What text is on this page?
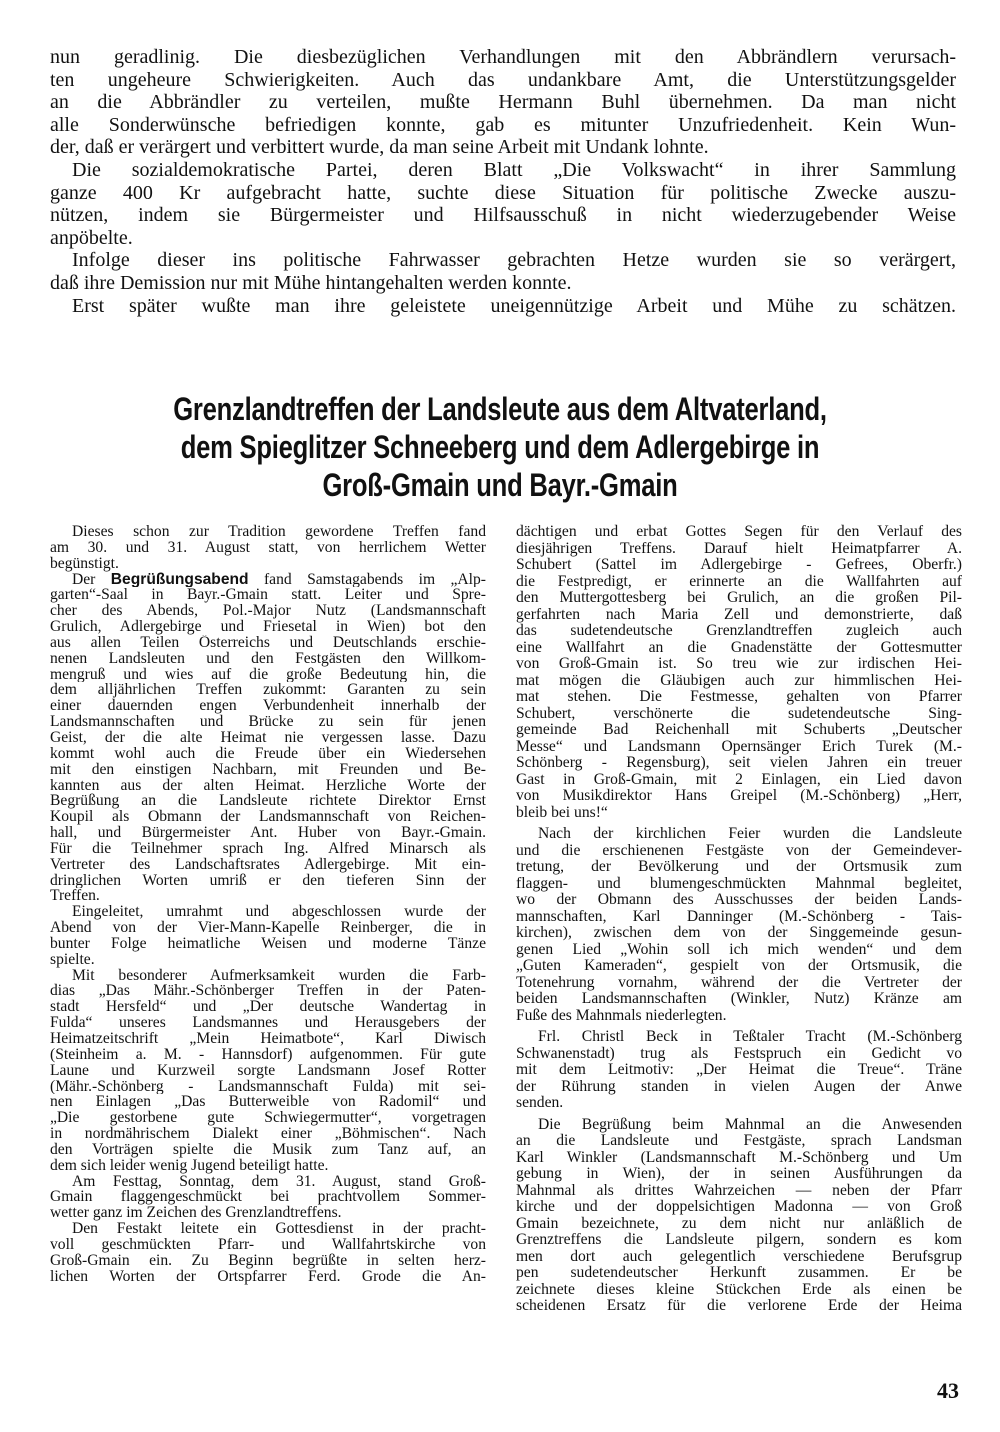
nun geradlinig. Die diesbezüglichen Verhandlungen mit den Abbrändlern verursach-
ten ungeheure Schwierigkeiten. Auch das undankbare Amt, die Unterstützungsgelder
an die Abbrändler zu verteilen, mußte Hermann Buhl übernehmen. Da man nicht
alle Sonderwünsche befriedigen konnte, gab es mitunter Unzufriedenheit. Kein Wun-
der, daß er verärgert und verbittert wurde, da man seine Arbeit mit Undank lohnte.
Die sozialdemokratische Partei, deren Blatt „Die Volkswacht“ in ihrer Sammlung
ganze 400 Kr aufgebracht hatte, suchte diese Situation für politische Zwecke auszu-
nützen, indem sie Bürgermeister und Hilfsausschuß in nicht wiederzugebender Weise
anpöbelte.
Infolge dieser ins politische Fahrwasser gebrachten Hetze wurden sie so verärgert,
daß ihre Demission nur mit Mühe hintangehalten werden konnte.
Erst später wußte man ihre geleistete uneigennützige Arbeit und Mühe zu schätzen.
Grenzlandtreffen der Landsleute aus dem Altvaterland,
dem Spieglitzer Schneeberg und dem Adlergebirge in
Groß-Gmain und Bayr.-Gmain
Dieses schon zur Tradition gewordene Treffen fand
am 30. und 31. August statt, von herrlichem Wetter
begünstigt.
Der Begrüßungsabend fand Samstagabends im „Alp-
garten“-Saal in Bayr.-Gmain statt. Leiter und Spre-
cher des Abends, Pol.-Major Nutz (Landsmannschaft
Grulich, Adlergebirge und Friesetal in Wien) bot den
aus allen Teilen Österreichs und Deutschlands erschie-
nenen Landsleuten und den Festgästen den Willkom-
mengruß und wies auf die große Bedeutung hin, die
dem alljährlichen Treffen zukommt: Garanten zu sein
einer dauernden engen Verbundenheit innerhalb der
Landsmannschaften und Brücke zu sein für jenen
Geist, der die alte Heimat nie vergessen lasse. Dazu
kommt wohl auch die Freude über ein Wiedersehen
mit den einstigen Nachbarn, mit Freunden und Be-
kannten aus der alten Heimat. Herzliche Worte der
Begrüßung an die Landsleute richtete Direktor Ernst
Koupil als Obmann der Landsmannschaft von Reichen-
hall, und Bürgermeister Ant. Huber von Bayr.-Gmain.
Für die Teilnehmer sprach Ing. Alfred Minarsch als
Vertreter des Landschaftsrates Adlergebirge. Mit ein-
dringlichen Worten umriß er den tieferen Sinn der
Treffen.
Eingeleitet, umrahmt und abgeschlossen wurde der
Abend von der Vier-Mann-Kapelle Reinberger, die in
bunter Folge heimatliche Weisen und moderne Tänze
spielte.
Mit besonderer Aufmerksamkeit wurden die Farb-
dias „Das Mähr.-Schönberger Treffen in der Paten-
stadt Hersfeld“ und „Der deutsche Wandertag in
Fulda“ unseres Landsmannes und Herausgebers der
Heimatzeitschrift „Mein Heimatbote“, Karl Diwisch
(Steinheim a. M. - Hannsdorf) aufgenommen. Für gute
Laune und Kurzweil sorgte Landsmann Josef Rotter
(Mähr.-Schönberg - Landsmannschaft Fulda) mit sei-
nen Einlagen „Das Butterweible von Radomil“ und
„Die gestorbene gute Schwiegermutter“, vorgetragen
in nordmährischem Dialekt einer „Böhmischen“. Nach
den Vorträgen spielte die Musik zum Tanz auf, an
dem sich leider wenig Jugend beteiligt hatte.
Am Festtag, Sonntag, dem 31. August, stand Groß-
Gmain flaggengeschmückt bei prachtvollem Sommer-
wetter ganz im Zeichen des Grenzlandtreffens.
Den Festakt leitete ein Gottesdienst in der pracht-
voll geschmückten Pfarr- und Wallfahrtskirche von
Groß-Gmain ein. Zu Beginn begrüßte in selten herz-
lichen Worten der Ortspfarrer Ferd. Grode die An-
dächtigen und erbat Gottes Segen für den Verlauf des
diesjährigen Treffens. Darauf hielt Heimatpfarrer A.
Schubert (Sattel im Adlergebirge - Gefrees, Oberfr.)
die Festpredigt, er erinnerte an die Wallfahrten auf
den Muttergottesberg bei Grulich, an die großen Pil-
gerfahrten nach Maria Zell und demonstrierte, daß
das sudetendeutsche Grenzlandtreffen zugleich auch
eine Wallfahrt an die Gnadenstätte der Gottesmutter
von Groß-Gmain ist. So treu wie zur irdischen Hei-
mat mögen die Gläubigen auch zur himmlischen Hei-
mat stehen. Die Festmesse, gehalten von Pfarrer
Schubert, verschönerte die sudetendeutsche Sing-
gemeinde Bad Reichenhall mit Schuberts „Deutscher
Messe“ und Landsmann Opernsänger Erich Turek (M.-
Schönberg - Regensburg), seit vielen Jahren ein treuer
Gast in Groß-Gmain, mit 2 Einlagen, ein Lied davon
von Musikdirektor Hans Greipel (M.-Schönberg) „Herr,
bleib bei uns!“
Nach der kirchlichen Feier wurden die Landsleute
und die erschienenen Festgäste von der Gemeindever-
tretung, der Bevölkerung und der Ortsmusik zum
flaggen- und blumengeschmückten Mahnmal begleitet,
wo der Obmann des Ausschusses der beiden Lands-
mannschaften, Karl Danninger (M.-Schönberg - Tais-
kirchen), zwischen dem von der Singgemeinde gesun-
genen Lied „Wohin soll ich mich wenden“ und dem
„Guten Kameraden“, gespielt von der Ortsmusik, die
Totenehrung vornahm, während der die Vertreter der
beiden Landsmannschaften (Winkler, Nutz) Kränze am
Fuße des Mahnmals niederlegten.
Frl. Christl Beck in Teßtaler Tracht (M.-Schönberg
Schwanenstadt) trug als Festspruch ein Gedicht vo
mit dem Leitmotiv: „Der Heimat die Treue“. Träne
der Rührung standen in vielen Augen der Anwe
senden.
Die Begrüßung beim Mahnmal an die Anwesenden
an die Landsleute und Festgäste, sprach Landsman
Karl Winkler (Landsmannschaft M.-Schönberg und Um
gebung in Wien), der in seinen Ausführungen da
Mahnmal als drittes Wahrzeichen — neben der Pfarr
kirche und der doppelsichtigen Madonna — von Groß
Gmain bezeichnete, zu dem nicht nur anläßlich de
Grenztreffens die Landsleute pilgern, sondern es kom
men dort auch gelegentlich verschiedene Berufsgrup
pen sudetendeutscher Herkunft zusammen. Er be
zeichnete dieses kleine Stückchen Erde als einen be
scheidenen Ersatz für die verlorene Erde der Heima
43
